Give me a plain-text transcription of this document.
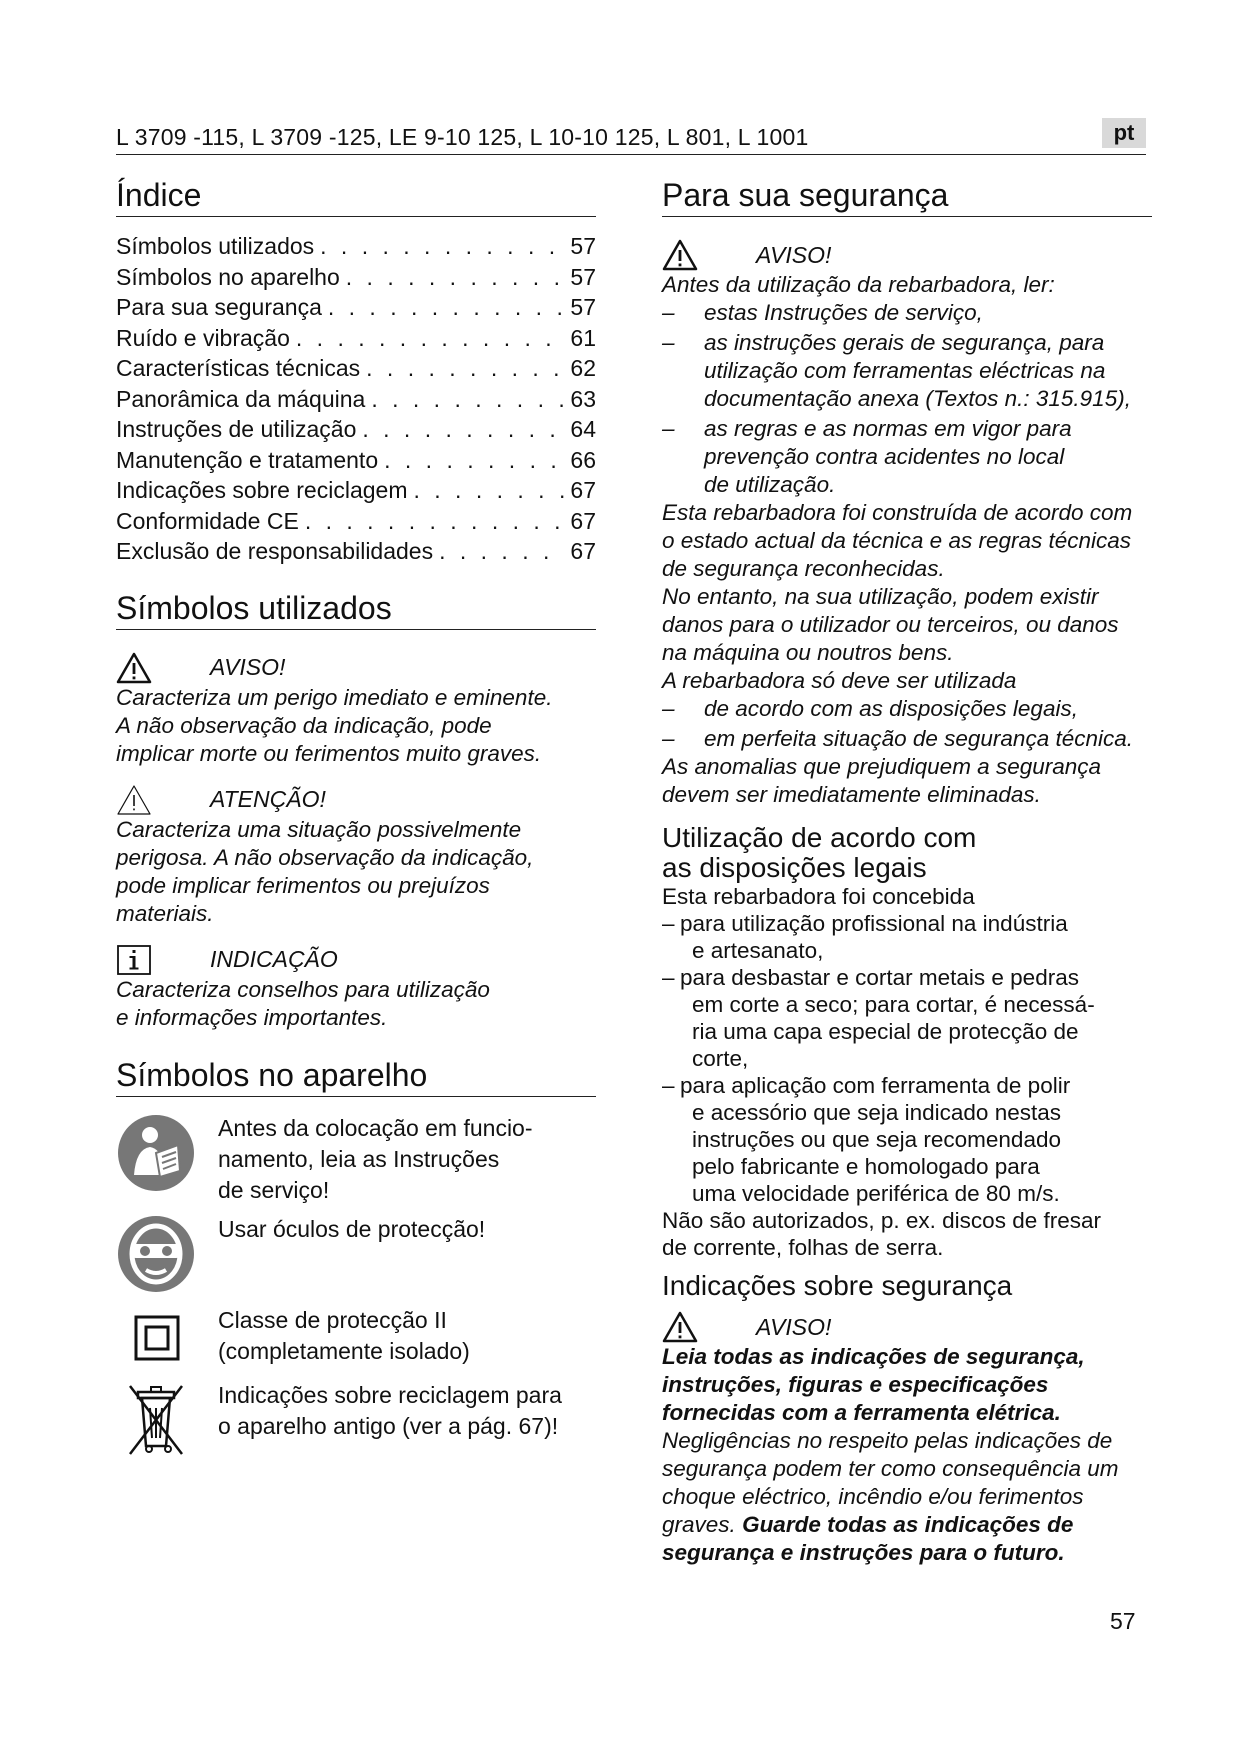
L 3709 -115, L 3709 -125, LE 9-10 125, L 10-10 125, L 801, L 1001	pt
Índice
Símbolos utilizados . . .	57
Símbolos no aparelho . . .	57
Para sua segurança . . .	57
Ruído e vibração . . .	61
Características técnicas . . .	62
Panorâmica da máquina . . .	63
Instruções de utilização . . .	64
Manutenção e tratamento . . .	66
Indicações sobre reciclagem . . .	67
Conformidade CE . . .	67
Exclusão de responsabilidades . . .	67
Símbolos utilizados
AVISO!
Caracteriza um perigo imediato e eminente.
A não observação da indicação, pode
implicar morte ou ferimentos muito graves.
ATENÇÃO!
Caracteriza uma situação possivelmente
perigosa. A não observação da indicação,
pode implicar ferimentos ou prejuízos
materiais.
INDICAÇÃO
Caracteriza conselhos para utilização
e informações importantes.
Símbolos no aparelho
Antes da colocação em funcio-
namento, leia as Instruções
de serviço!
Usar óculos de protecção!
Classe de protecção II
(completamente isolado)
Indicações sobre reciclagem para
o aparelho antigo (ver a pág. 67)!
Para sua segurança
AVISO!
Antes da utilização da rebarbadora, ler:
–	estas Instruções de serviço,
–	as instruções gerais de segurança, para
utilização com ferramentas eléctricas na
documentação anexa (Textos n.: 315.915),
–	as regras e as normas em vigor para
prevenção contra acidentes no local
de utilização.
Esta rebarbadora foi construída de acordo com
o estado actual da técnica e as regras técnicas
de segurança reconhecidas.
No entanto, na sua utilização, podem existir
danos para o utilizador ou terceiros, ou danos
na máquina ou noutros bens.
A rebarbadora só deve ser utilizada
–	de acordo com as disposições legais,
–	em perfeita situação de segurança técnica.
As anomalias que prejudiquem a segurança
devem ser imediatamente eliminadas.
Utilização de acordo com
as disposições legais
Esta rebarbadora foi concebida
– para utilização profissional na indústria
e artesanato,
– para desbastar e cortar metais e pedras
em corte a seco; para cortar, é necessá-
ria uma capa especial de protecção de
corte,
– para aplicação com ferramenta de polir
e acessório que seja indicado nestas
instruções ou que seja recomendado
pelo fabricante e homologado para
uma velocidade periférica de 80 m/s.
Não são autorizados, p. ex. discos de fresar
de corrente, folhas de serra.
Indicações sobre segurança
AVISO!
Leia todas as indicações de segurança,
instruções, figuras e especificações
fornecidas com a ferramenta elétrica.
Negligências no respeito pelas indicações de
segurança podem ter como consequência um
choque eléctrico, incêndio e/ou ferimentos
graves. Guarde todas as indicações de
segurança e instruções para o futuro.
57
